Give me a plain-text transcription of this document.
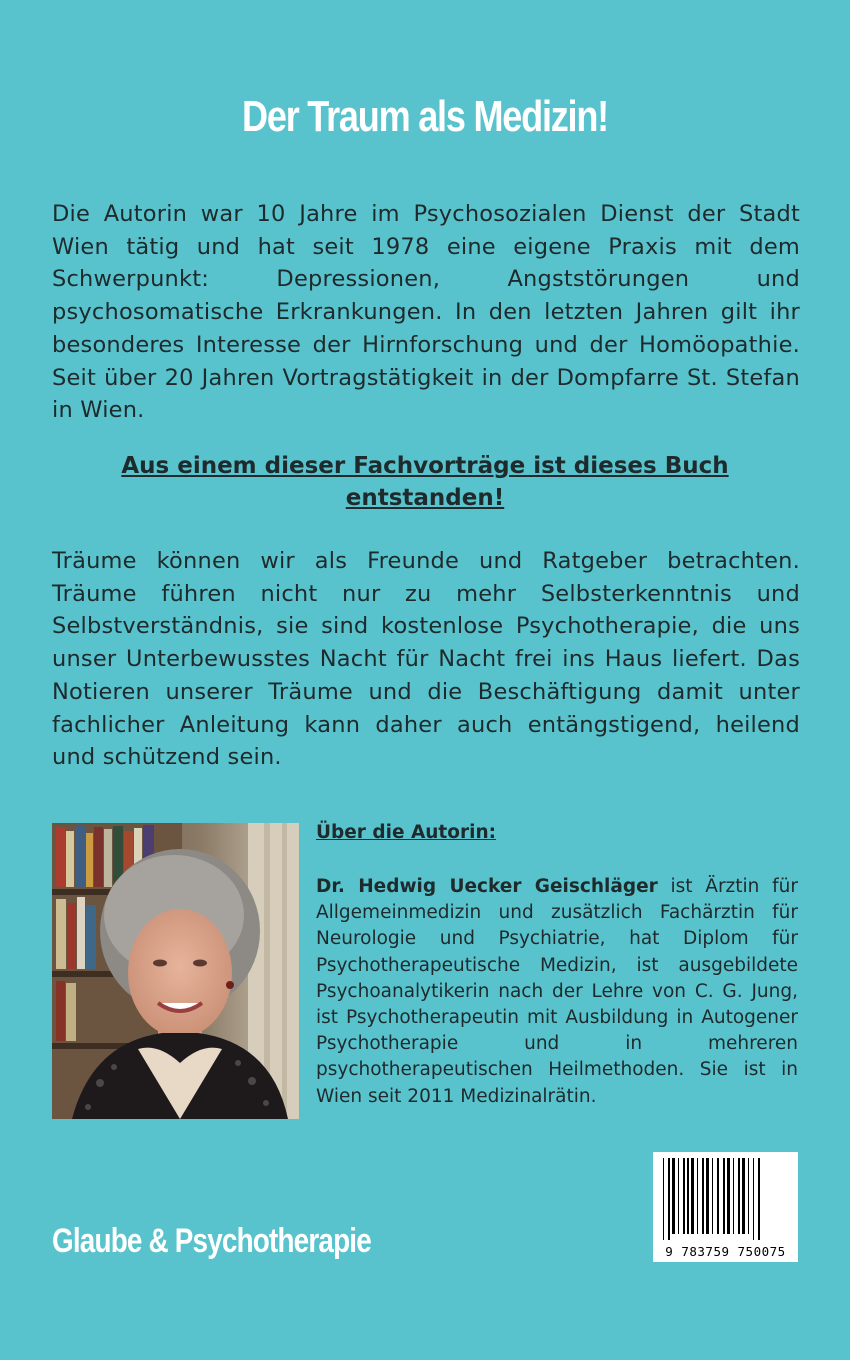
Der Traum als Medizin!
Die Autorin war 10 Jahre im Psychosozialen Dienst der Stadt Wien tätig und hat seit 1978 eine eigene Praxis mit dem Schwerpunkt: Depressionen, Angststörungen und psychosomatische Erkrankungen. In den letzten Jahren gilt ihr besonderes Interesse der Hirnforschung und der Homöopathie. Seit über 20 Jahren Vortragstätigkeit in der Dompfarre St. Stefan in Wien.
Aus einem dieser Fachvorträge ist dieses Buch entstanden!
Träume können wir als Freunde und Ratgeber betrachten. Träume führen nicht nur zu mehr Selbsterkenntnis und Selbstverständnis, sie sind kostenlose Psychotherapie, die uns unser Unterbewusstes Nacht für Nacht frei ins Haus liefert. Das Notieren unserer Träume und die Beschäftigung damit unter fachlicher Anleitung kann daher auch entängstigend, heilend und schützend sein.
Über die Autorin:
Dr. Hedwig Uecker Geischläger ist Ärztin für Allgemeinmedizin und zusätzlich Fachärztin für Neurologie und Psychiatrie, hat Diplom für Psychotherapeutische Medizin, ist ausgebildete Psychoanalytikerin nach der Lehre von C. G. Jung, ist Psychotherapeutin mit Ausbildung in Autogener Psychotherapie und in mehreren psychotherapeutischen Heilmethoden. Sie ist in Wien seit 2011 Medizinalrätin.
Glaube & Psychotherapie	9 783759 750075
